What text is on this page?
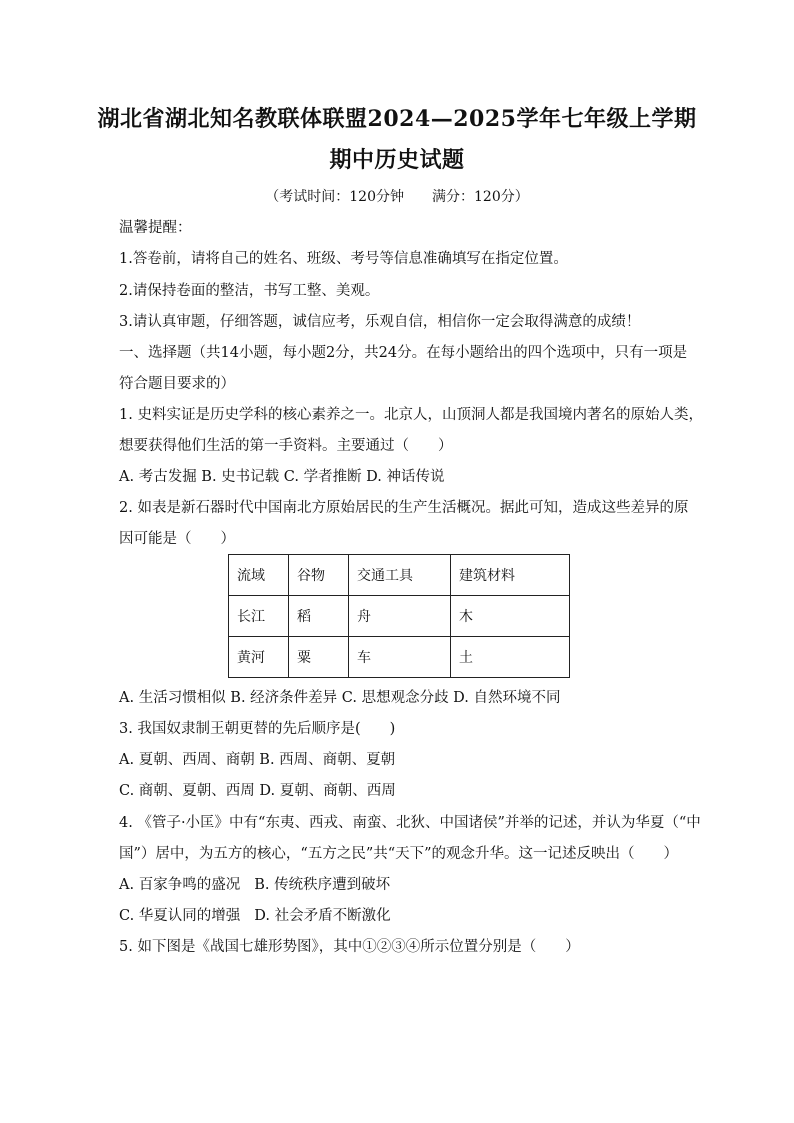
湖北省湖北知名教联体联盟2024—2025学年七年级上学期
期中历史试题
（考试时间：120分钟 满分：120分）
温馨提醒：
1.答卷前，请将自己的姓名、班级、考号等信息准确填写在指定位置。
2.请保持卷面的整洁，书写工整、美观。
3.请认真审题，仔细答题，诚信应考，乐观自信，相信你一定会取得满意的成绩！
一、选择题（共14小题，每小题2分，共24分。在每小题给出的四个选项中，只有一项是
符合题目要求的）
1. 史料实证是历史学科的核心素养之一。北京人，山顶洞人都是我国境内著名的原始人类，
想要获得他们生活的第一手资料。主要通过（　　）
A. 考古发掘 B. 史书记载 C. 学者推断 D. 神话传说
2. 如表是新石器时代中国南北方原始居民的生产生活概况。据此可知，造成这些差异的原
因可能是（　　）
流域	谷物	交通工具	建筑材料
长江	稻	舟	木
黄河	粟	车	土
A. 生活习惯相似 B. 经济条件差异 C. 思想观念分歧 D. 自然环境不同
3. 我国奴隶制王朝更替的先后顺序是(　　)
A. 夏朝、西周、商朝 B. 西周、商朝、夏朝
C. 商朝、夏朝、西周 D. 夏朝、商朝、西周
4. 《管子·小匡》中有“东夷、西戎、南蛮、北狄、中国诸侯”并举的记述，并认为华夏（“中
国”）居中，为五方的核心，“五方之民”共“天下”的观念升华。这一记述反映出（　　）
A. 百家争鸣的盛况 B. 传统秩序遭到破坏
C. 华夏认同的增强 D. 社会矛盾不断激化
5. 如下图是《战国七雄形势图》，其中①②③④所示位置分别是（　　）
